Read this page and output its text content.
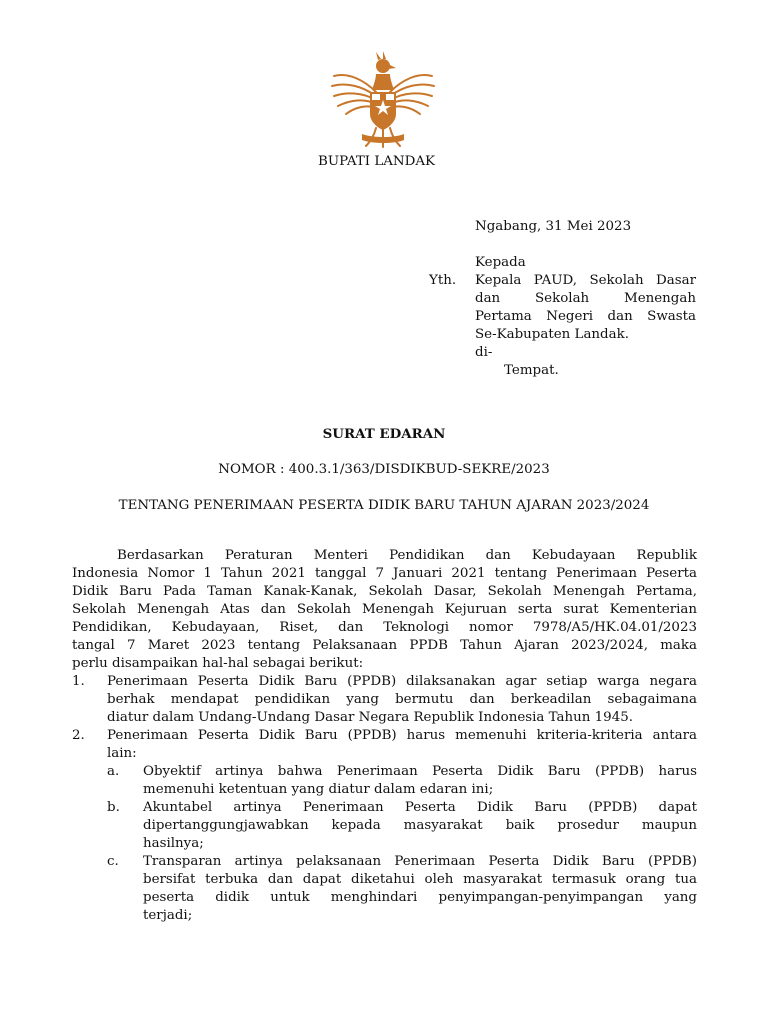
BUPATI LANDAK
Ngabang, 31 Mei 2023
Kepada
Yth. Kepala PAUD, Sekolah Dasar
dan Sekolah Menengah
Pertama Negeri dan Swasta
Se-Kabupaten Landak.
di-
Tempat.
SURAT EDARAN
NOMOR : 400.3.1/363/DISDIKBUD-SEKRE/2023
TENTANG PENERIMAAN PESERTA DIDIK BARU TAHUN AJARAN 2023/2024
Berdasarkan Peraturan Menteri Pendidikan dan Kebudayaan Republik
Indonesia Nomor 1 Tahun 2021 tanggal 7 Januari 2021 tentang Penerimaan Peserta
Didik Baru Pada Taman Kanak-Kanak, Sekolah Dasar, Sekolah Menengah Pertama,
Sekolah Menengah Atas dan Sekolah Menengah Kejuruan serta surat Kementerian
Pendidikan, Kebudayaan, Riset, dan Teknologi nomor 7978/A5/HK.04.01/2023
tangal 7 Maret 2023 tentang Pelaksanaan PPDB Tahun Ajaran 2023/2024, maka
perlu disampaikan hal-hal sebagai berikut:
1. Penerimaan Peserta Didik Baru (PPDB) dilaksanakan agar setiap warga negara
berhak mendapat pendidikan yang bermutu dan berkeadilan sebagaimana
diatur dalam Undang-Undang Dasar Negara Republik Indonesia Tahun 1945.
2. Penerimaan Peserta Didik Baru (PPDB) harus memenuhi kriteria-kriteria antara
lain:
a. Obyektif artinya bahwa Penerimaan Peserta Didik Baru (PPDB) harus
memenuhi ketentuan yang diatur dalam edaran ini;
b. Akuntabel artinya Penerimaan Peserta Didik Baru (PPDB) dapat
dipertanggungjawabkan kepada masyarakat baik prosedur maupun
hasilnya;
c. Transparan artinya pelaksanaan Penerimaan Peserta Didik Baru (PPDB)
bersifat terbuka dan dapat diketahui oleh masyarakat termasuk orang tua
peserta didik untuk menghindari penyimpangan-penyimpangan yang
terjadi;
